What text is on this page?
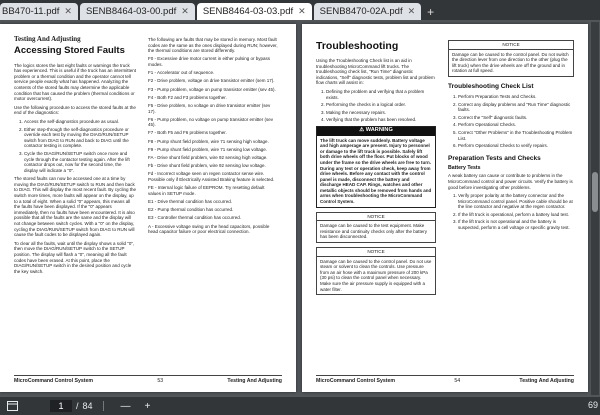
BB470-11.pdf ✕ SENB8464-03-00.pdf ✕ SENB8464-03-03.pdf ✕ SENB8470-02A.pdf ✕ +
Testing And Adjusting
Accessing Stored Faults

The logics stores the last eight faults or warnings the truck has experienced. This is useful if the truck has an intermittent problem or a thermal condition and the operator cannot tell service people exactly what has happened. Analyzing the contents of the stored faults may determine the applicable condition that has caused the problem (thermal conditions or motor overcurrent).

Use the following procedure to access the stored faults at the end of the diagnostics:

1. Access the self-diagnostics procedure as usual.
2. Either step-through the self-diagnostics procedure or override each test by moving the DIAG/RUN/SETUP switch from DIAG to RUN and back to DIAG until the contactor testing is complete.
3. Cycle the DIAG/RUN/SETUP switch once more and cycle through the contactor testing again. After the lift contactor drops out, now for the second time, the display will indicate a "0".

The stored faults can now be accessed one at a time by moving the DIAG/RUN/SETUP switch to RUN and then back to DIAG. This will display the most recent fault. By cycling the switch more times, more faults will appear on the display, up to a total of eight. When a solid "0" appears, this means all the faults have been displayed. If the "0" appears immediately, then no faults have been encountered. It is also possible that all the faults are the same and the display will not change between switch cycles. With a "0" on the display, cycling the DIAG/RUN/SETUP switch from DIAG to RUN will cause the fault codes to be displayed again.

To clear all the faults, wait until the display shows a solid "0", then move the DIAG/RUN/SETUP switch to the SETUP position. The display will flash a "0", meaning all the fault codes have been erased. At this point, place the DIAG/RUN/SETUP switch in the desired position and cycle the key switch.

The following are faults that may be stored in memory. Most fault codes are the same as the ones displayed during RUN; however, the thermal conditions are stored differently.

F0 - Excessive drive motor current in either pulsing or bypass modes.

F1 - Accelerator out of sequence.

F2 - Drive problem, voltage on drive transistor emitter (sem 17).

F3 - Pump problem, voltage on pump transistor emitter (sev 45).

F4 - Both F2 and F3 problems together.

F5 - Drive problem, no voltage on drive transistor emitter (sev 17).

F6 - Pump problem, no voltage on pump transistor emitter (sev 45).

F7 - Both F5 and F6 problems together.

F8 - Pump shunt field problem, wire 71 sensing high voltage.

F9 - Pump shunt field problem, wire 71 sensing low voltage.

FA - Drive shunt field problem, wire 92 sensing high voltage.

Fb - Drive shunt field problem, wire 92 sensing low voltage.

Fd - Incorrect voltage seen on regen contactor sense wire. Possible only if Electrically Assisted Braking feature is selected.

FE - Internal logic failure of EEPROM. Try resetting default values in SETUP mode.

E1 - Drive thermal condition has occurred.

E2 - Pump thermal condition has occurred.

E3 - Controller thermal condition has occurred.

A - Excessive voltage swing on the head capacitors, possible head capacitor failure or poor electrical connection.

MicroCommand Control System	53	Testing And Adjusting
Troubleshooting

Using the Troubleshooting Check list is an aid in troubleshooting MicroCommand lift trucks. The troubleshooting check list, "Run Time" diagnostic indications, "Self" diagnostic tests, problem list and problem flow charts will assist in:

1. Defining the problem and verifying that a problem exists.
2. Performing the checks in a logical order.
3. Making the necessary repairs.
4. Verifying that the problem has been resolved.
⚠ WARNING
The lift truck can move suddenly. Battery voltage and high amperage are present. Injury to personnel or damage to the lift truck is possible. Safely lift both drive wheels off the floor. Put blocks of wood under the frame so the drive wheels are free to turn. During any test or operation check, keep away from drive wheels. Before any contact with the control panel is made, disconnect the battery and discharge HEAD CAP. Rings, watches and other metallic objects should be removed from hands and arms when troubleshooting the MicroCommand Control System.
NOTICE
Damage can be caused to the test equipment. Make resistance and continuity checks only after the battery has been disconnected.
NOTICE
Damage can be caused to the control panel. Do not use steam or solvent to clean the controls. Use pressure from an air hose with a maximum pressure of 200 kPa (30 psi) to clean the control panel when necessary. Make sure the air pressure supply is equipped with a water filter.
NOTICE
Damage can be caused to the control panel. Do not switch the direction lever from one direction to the other (plug the lift truck) when the drive wheels are off the ground and in rotation at full speed.
Troubleshooting Check List
1. Perform Preparation Tests and Checks.
2. Correct any display problems and "Run Time" diagnostic faults.
3. Correct the "Self" diagnostic faults.
4. Perform Operational Checks.
5. Correct "Other Problems" in the Troubleshooting Problem List.
6. Perform Operational Checks to verify repairs.
Preparation Tests and Checks
Battery Tests

A weak battery can cause or contribute to problems in the MicroCommand control and power circuits. Verify the battery is good before investigating other problems.

1. Verify proper polarity at the battery connector and the MicroCommand control panel. Positive cable should be at the line contactor and negative at the regen contactor.
2. If the lift truck is operational, perform a battery load test.
3. If the lift truck is not operational and the battery is suspected, perform a cell voltage or specific gravity test.
MicroCommand Control System	54	Testing And Adjusting
1
/ 84	—	+	69
